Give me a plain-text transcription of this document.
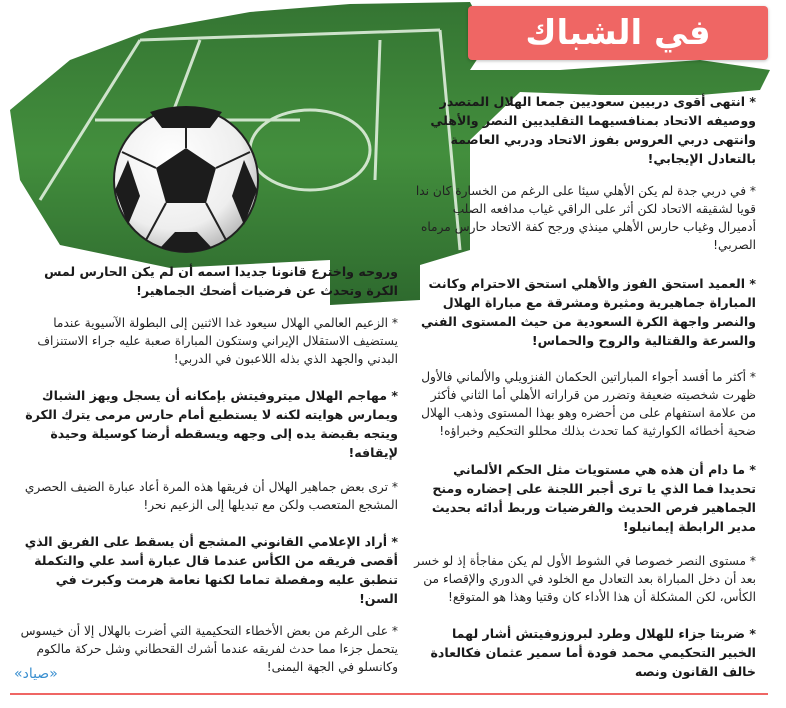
في الشباك

* انتهى أقوى دربيين سعوديين جمعا الهلال المتصدر ووصيفه الاتحاد بمنافسيهما التقليديين النصر والأهلي وانتهى دربي العروس بفوز الاتحاد ودربي العاصمة بالتعادل الإيجابي!

* في دربي جدة لم يكن الأهلي سيئا على الرغم من الخسارة كان ندا قويا لشقيقه الاتحاد لكن أثر على الراقي غياب مدافعه الصلب أدميرال وغياب حارس الأهلي مينذي ورجح كفة الاتحاد حارس مرماه الصربي!

* العميد استحق الفوز والأهلي استحق الاحترام وكانت المباراة جماهيرية ومثيرة ومشرقة مع مباراة الهلال والنصر واجهة الكرة السعودية من حيث المستوى الفني والسرعة والقتالية والروح والحماس!

* أكثر ما أفسد أجواء المباراتين الحكمان الفنزويلي والألماني فالأول ظهرت شخصيته ضعيفة وتضرر من قراراته الأهلي أما الثاني فأكثر من علامة استفهام على من أحضره وهو بهذا المستوى وذهب الهلال ضحية أخطائه الكوارثية كما تحدث بذلك محللو التحكيم وخبراؤه!

* ما دام أن هذه هي مستويات مثل الحكم الألماني تحديدا فما الذي يا ترى أجبر اللجنة على إحضاره ومنح الجماهير فرص الحديث والفرضيات وربط أدائه بحديث مدير الرابطة إيمانيلو!

* مستوى النصر خصوصا في الشوط الأول لم يكن مفاجأة إذ لو خسر بعد أن دخل المباراة بعد التعادل مع الخلود في الدوري والإقصاء من الكأس، لكن المشكلة أن هذا الأداء كان وقتيا وهذا هو المتوقع!

* ضربتا جزاء للهلال وطرد لبروزوفيتش أشار لهما الخبير التحكيمي محمد فودة أما سمير عثمان فكالعادة خالف القانون ونصه

وروحه واخترع قانونا جديدا اسمه أن لم يكن الحارس لمس الكرة وتحدث عن فرضيات أضحك الجماهير!

* الزعيم العالمي الهلال سيعود غدا الاثنين إلى البطولة الآسيوية عندما يستضيف الاستقلال الإيراني وستكون المباراة صعبة عليه جراء الاستنزاف البدني والجهد الذي بذله اللاعبون في الدربي!

* مهاجم الهلال ميتروفيتش بإمكانه أن يسجل ويهز الشباك ويمارس هوايته لكنه لا يستطيع أمام حارس مرمى يترك الكرة ويتجه بقبضة يده إلى وجهه ويسقطه أرضا كوسيلة وحيدة لإيقافه!

* ترى بعض جماهير الهلال أن فريقها هذه المرة أعاد عبارة الضيف الحصري المشجع المتعصب ولكن مع تبديلها إلى الزعيم نحر!

* أراد الإعلامي القانوني المشجع أن يسقط على الفريق الذي أقصى فريقه من الكأس عندما قال عبارة أسد علي والتكملة تنطبق عليه ومفصلة تماما لكنها نعامة هرمت وكبرت في السن!

* على الرغم من بعض الأخطاء التحكيمية التي أضرت بالهلال إلا أن خيسوس يتحمل جزءا مما حدث لفريقه عندما أشرك القحطاني وشل حركة مالكوم وكانسلو في الجهة اليمنى!

«صياد»
